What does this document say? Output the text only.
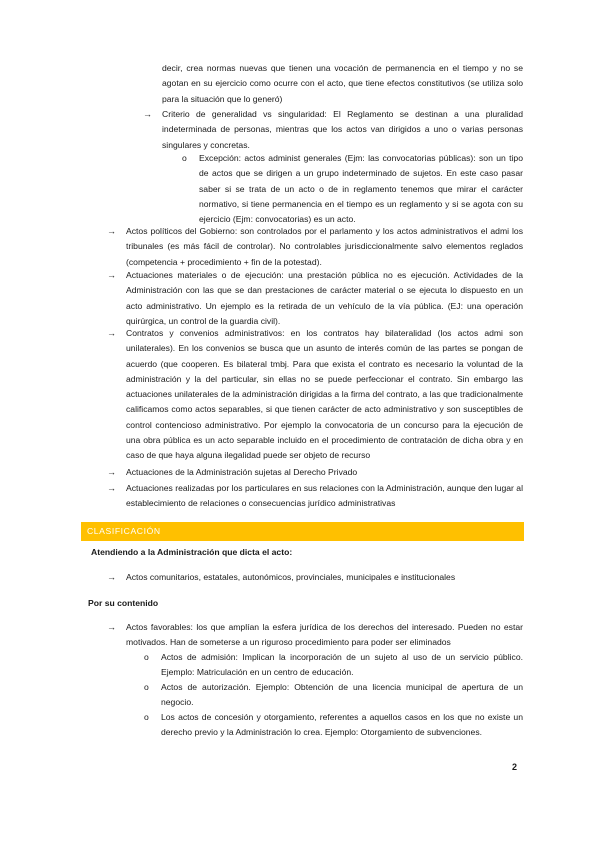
decir, crea normas nuevas que tienen una vocación de permanencia en el tiempo y no se agotan en su ejercicio como ocurre con el acto, que tiene efectos constitutivos (se utiliza solo para la situación que lo generó)
→ Criterio de generalidad vs singularidad: El Reglamento se destinan a una pluralidad indeterminada de personas, mientras que los actos van dirigidos a uno o varias personas singulares y concretas.
o Excepción: actos administ generales (Ejm: las convocatorias públicas): son un tipo de actos que se dirigen a un grupo indeterminado de sujetos. En este caso pasar saber si se trata de un acto o de in reglamento tenemos que mirar el carácter normativo, si tiene permanencia en el tiempo es un reglamento y si se agota con su ejercicio (Ejm: convocatorias) es un acto.
→ Actos políticos del Gobierno: son controlados por el parlamento y los actos administrativos el admi los tribunales (es más fácil de controlar). No controlables jurisdiccionalmente salvo elementos reglados (competencia + procedimiento + fin de la potestad).
→ Actuaciones materiales o de ejecución: una prestación pública no es ejecución. Actividades de la Administración con las que se dan prestaciones de carácter material o se ejecuta lo dispuesto en un acto administrativo. Un ejemplo es la retirada de un vehículo de la vía pública. (EJ: una operación quirúrgica, un control de la guardia civil).
→ Contratos y convenios administrativos: en los contratos hay bilateralidad (los actos admi son unilaterales). En los convenios se busca que un asunto de interés común de las partes se pongan de acuerdo (que cooperen. Es bilateral tmbj. Para que exista el contrato es necesario la voluntad de la administración y la del particular, sin ellas no se puede perfeccionar el contrato. Sin embargo las actuaciones unilaterales de la administración dirigidas a la firma del contrato, a las que tradicionalmente calificamos como actos separables, si que tienen carácter de acto administrativo y son susceptibles de control contencioso administrativo. Por ejemplo la convocatoria de un concurso para la ejecución de una obra pública es un acto separable incluido en el procedimiento de contratación de dicha obra y en caso de que haya alguna ilegalidad puede ser objeto de recurso
→ Actuaciones de la Administración sujetas al Derecho Privado
→ Actuaciones realizadas por los particulares en sus relaciones con la Administración, aunque den lugar al establecimiento de relaciones o consecuencias jurídico administrativas
CLASIFICACIÓN
Atendiendo a la Administración que dicta el acto:
→ Actos comunitarios, estatales, autonómicos, provinciales, municipales e institucionales
Por su contenido
→ Actos favorables: los que amplían la esfera jurídica de los derechos del interesado. Pueden no estar motivados. Han de someterse a un riguroso procedimiento para poder ser eliminados
o Actos de admisión: Implican la incorporación de un sujeto al uso de un servicio público. Ejemplo: Matriculación en un centro de educación.
o Actos de autorización. Ejemplo: Obtención de una licencia municipal de apertura de un negocio.
o Los actos de concesión y otorgamiento, referentes a aquellos casos en los que no existe un derecho previo y la Administración lo crea. Ejemplo: Otorgamiento de subvenciones.
2
